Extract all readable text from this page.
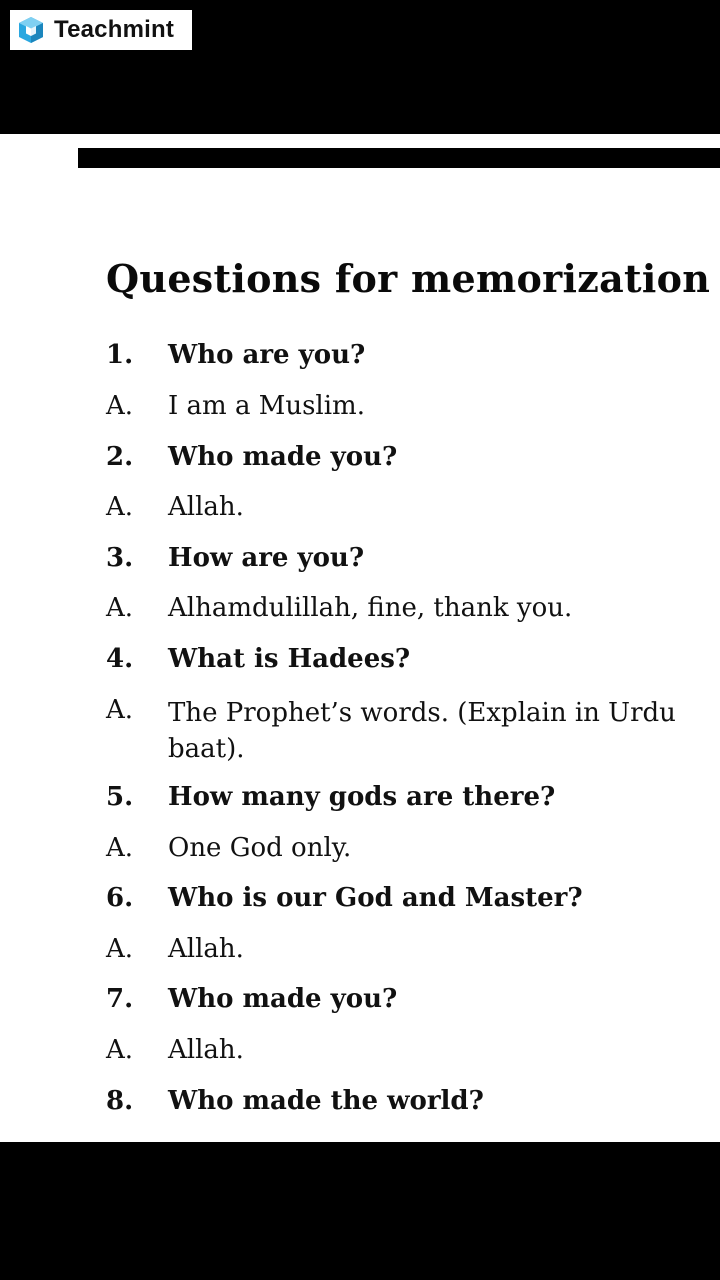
Teachmint
Questions for memorization
1.	Who are you?
A.	I am a Muslim.
2.	Who made you?
A.	Allah.
3.	How are you?
A.	Alhamdulillah, fine, thank you.
4.	What is Hadees?
A.	The Prophet’s words. (Explain in Urdu baat).
5.	How many gods are there?
A.	One God only.
6.	Who is our God and Master?
A.	Allah.
7.	Who made you?
A.	Allah.
8.	Who made the world?
